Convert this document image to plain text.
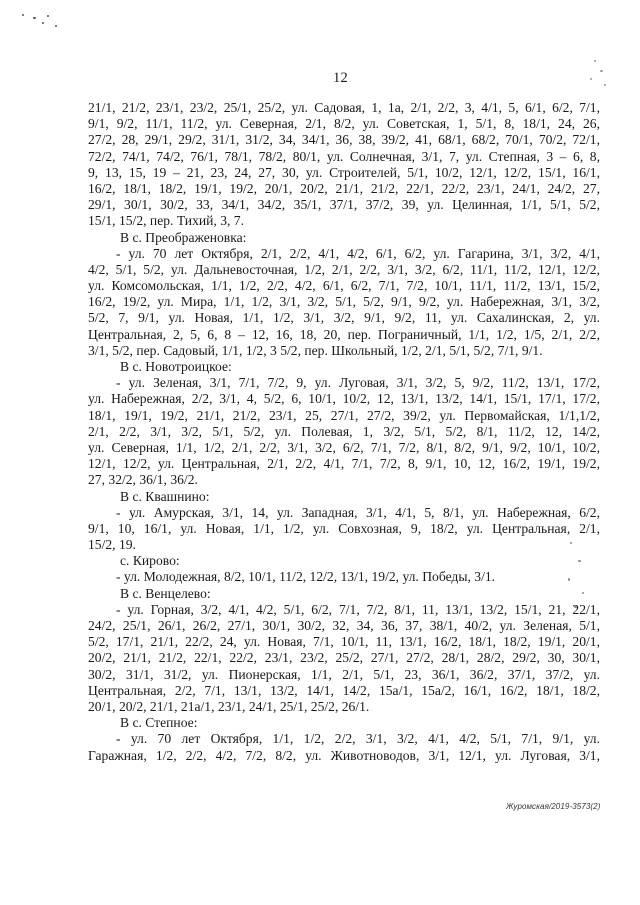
12
21/1, 21/2, 23/1, 23/2, 25/1, 25/2, ул. Садовая, 1, 1а, 2/1, 2/2, 3, 4/1, 5, 6/1, 6/2, 7/1,
9/1, 9/2, 11/1, 11/2, ул. Северная, 2/1, 8/2, ул. Советская, 1, 5/1, 8, 18/1, 24, 26,
27/2, 28, 29/1, 29/2, 31/1, 31/2, 34, 34/1, 36, 38, 39/2, 41, 68/1, 68/2, 70/1, 70/2, 72/1,
72/2, 74/1, 74/2, 76/1, 78/1, 78/2, 80/1, ул. Солнечная, 3/1, 7, ул. Степная, 3 – 6, 8,
9, 13, 15, 19 – 21, 23, 24, 27, 30, ул. Строителей, 5/1, 10/2, 12/1, 12/2, 15/1, 16/1,
16/2, 18/1, 18/2, 19/1, 19/2, 20/1, 20/2, 21/1, 21/2, 22/1, 22/2, 23/1, 24/1, 24/2, 27,
29/1, 30/1, 30/2, 33, 34/1, 34/2, 35/1, 37/1, 37/2, 39, ул. Целинная, 1/1, 5/1, 5/2,
15/1, 15/2, пер. Тихий, 3, 7.
В с. Преображеновка:
- ул. 70 лет Октября, 2/1, 2/2, 4/1, 4/2, 6/1, 6/2, ул. Гагарина, 3/1, 3/2, 4/1,
4/2, 5/1, 5/2, ул. Дальневосточная, 1/2, 2/1, 2/2, 3/1, 3/2, 6/2, 11/1, 11/2, 12/1, 12/2,
ул. Комсомольская, 1/1, 1/2, 2/2, 4/2, 6/1, 6/2, 7/1, 7/2, 10/1, 11/1, 11/2, 13/1, 15/2,
16/2, 19/2, ул. Мира, 1/1, 1/2, 3/1, 3/2, 5/1, 5/2, 9/1, 9/2, ул. Набережная, 3/1, 3/2,
5/2, 7, 9/1, ул. Новая, 1/1, 1/2, 3/1, 3/2, 9/1, 9/2, 11, ул. Сахалинская, 2, ул.
Центральная, 2, 5, 6, 8 – 12, 16, 18, 20, пер. Пограничный, 1/1, 1/2, 1/5, 2/1, 2/2,
3/1, 5/2, пер. Садовый, 1/1, 1/2, 3 5/2, пер. Школьный, 1/2, 2/1, 5/1, 5/2, 7/1, 9/1.
В с. Новотроицкое:
- ул. Зеленая, 3/1, 7/1, 7/2, 9, ул. Луговая, 3/1, 3/2, 5, 9/2, 11/2, 13/1, 17/2,
ул. Набережная, 2/2, 3/1, 4, 5/2, 6, 10/1, 10/2, 12, 13/1, 13/2, 14/1, 15/1, 17/1, 17/2,
18/1, 19/1, 19/2, 21/1, 21/2, 23/1, 25, 27/1, 27/2, 39/2, ул. Первомайская, 1/1,1/2,
2/1, 2/2, 3/1, 3/2, 5/1, 5/2, ул. Полевая, 1, 3/2, 5/1, 5/2, 8/1, 11/2, 12, 14/2,
ул. Северная, 1/1, 1/2, 2/1, 2/2, 3/1, 3/2, 6/2, 7/1, 7/2, 8/1, 8/2, 9/1, 9/2, 10/1, 10/2,
12/1, 12/2, ул. Центральная, 2/1, 2/2, 4/1, 7/1, 7/2, 8, 9/1, 10, 12, 16/2, 19/1, 19/2,
27, 32/2, 36/1, 36/2.
В с. Квашнино:
- ул. Амурская, 3/1, 14, ул. Западная, 3/1, 4/1, 5, 8/1, ул. Набережная, 6/2,
9/1, 10, 16/1, ул. Новая, 1/1, 1/2, ул. Совхозная, 9, 18/2, ул. Центральная, 2/1,
15/2, 19.
с. Кирово:
- ул. Молодежная, 8/2, 10/1, 11/2, 12/2, 13/1, 19/2, ул. Победы, 3/1.
В с. Венцелево:
- ул. Горная, 3/2, 4/1, 4/2, 5/1, 6/2, 7/1, 7/2, 8/1, 11, 13/1, 13/2, 15/1, 21, 22/1,
24/2, 25/1, 26/1, 26/2, 27/1, 30/1, 30/2, 32, 34, 36, 37, 38/1, 40/2, ул. Зеленая, 5/1,
5/2, 17/1, 21/1, 22/2, 24, ул. Новая, 7/1, 10/1, 11, 13/1, 16/2, 18/1, 18/2, 19/1, 20/1,
20/2, 21/1, 21/2, 22/1, 22/2, 23/1, 23/2, 25/2, 27/1, 27/2, 28/1, 28/2, 29/2, 30, 30/1,
30/2, 31/1, 31/2, ул. Пионерская, 1/1, 2/1, 5/1, 23, 36/1, 36/2, 37/1, 37/2, ул.
Центральная, 2/2, 7/1, 13/1, 13/2, 14/1, 14/2, 15а/1, 15а/2, 16/1, 16/2, 18/1, 18/2,
20/1, 20/2, 21/1, 21а/1, 23/1, 24/1, 25/1, 25/2, 26/1.
В с. Степное:
- ул. 70 лет Октября, 1/1, 1/2, 2/2, 3/1, 3/2, 4/1, 4/2, 5/1, 7/1, 9/1, ул.
Гаражная, 1/2, 2/2, 4/2, 7/2, 8/2, ул. Животноводов, 3/1, 12/1, ул. Луговая, 3/1,
Журомская/2019-3573(2)
